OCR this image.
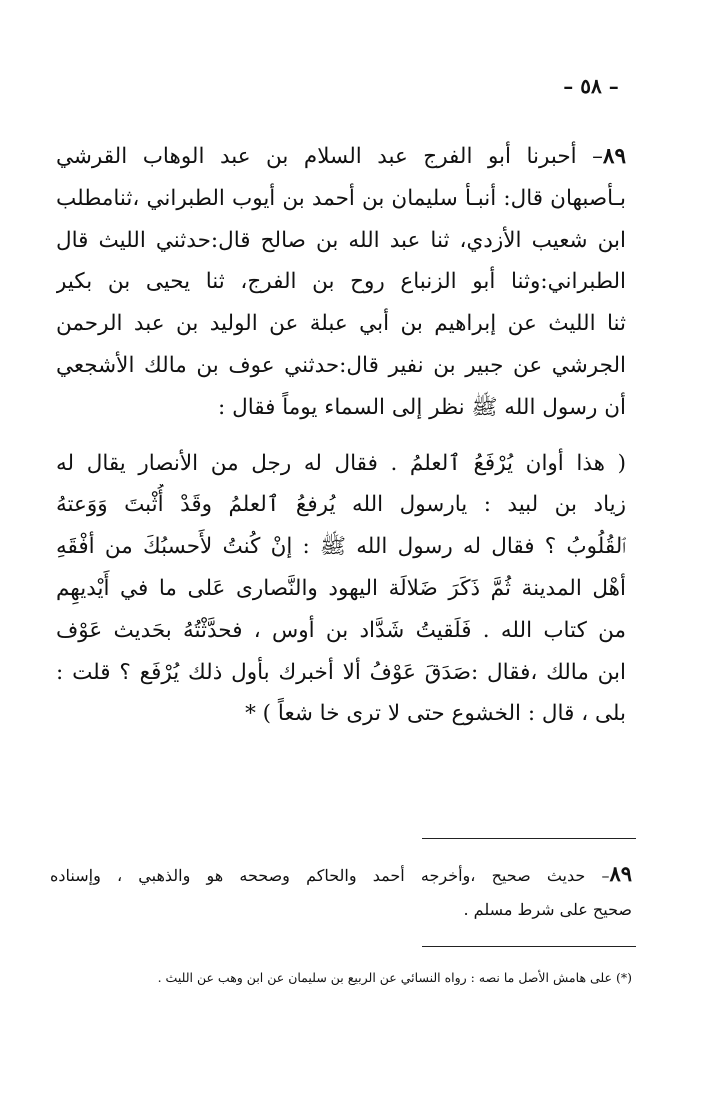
– ٥٨ –
٨٩– أحبرنا أبو الفرج عبد السلام بن عبد الوهاب القرشي
بـأصبهان قال: أنبـأ سليمان بن أحمد بن أيوب الطبراني ،ثنامطلب
ابن شعيب الأزدي، ثنا عبد الله بن صالح قال:حدثني الليث قال
الطبراني:وثنا أبو الزنباع روح بن الفرج، ثنا يحيى بن بكير
ثنا الليث عن إبراهيم بن أبي عبلة عن الوليد بن عبد الرحمن
الجرشي عن جبير بن نفير قال:حدثني عوف بن مالك الأشجعي
أن رسول الله ﷺ نظر إلى السماء يوماً فقال :
( هذا أوان يُرْفَعُ ٱلعلمُ . فقال له رجل من الأنصار يقال له
زياد بن لبيد : يارسول الله يُرفعُ ٱلعلمُ وقَدْ أُثْبتَ وَوَعتهُ
ٱلقُلُوبُ ؟ فقال له رسول الله ﷺ : إنْ كُنتُ لأَحسبُكَ من أفْقَهِ
أهْل المدينة ثُمَّ ذَكَرَ ضَلالَة اليهود والنَّصارى عَلى ما في أَيْديهِم
من كتاب الله . فَلَقيتُ شَدَّاد بن أوس ، فحدَّثْتُهُ بحَديث عَوْف
ابن مالك ،فقال :صَدَقَ عَوْفُ ألا أخبرك بأول ذلك يُرْفَع ؟ قلت :
بلى ، قال : الخشوع حتى لا ترى خا شعاً ) *
٨٩– حديث صحيح ،وأخرجه أحمد والحاكم وصححه هو والذهبي ، وإسناده
صحيح على شرط مسلم .
(*) على هامش الأصل ما نصه : رواه النسائي عن الربيع بن سليمان عن ابن وهب عن الليث .
